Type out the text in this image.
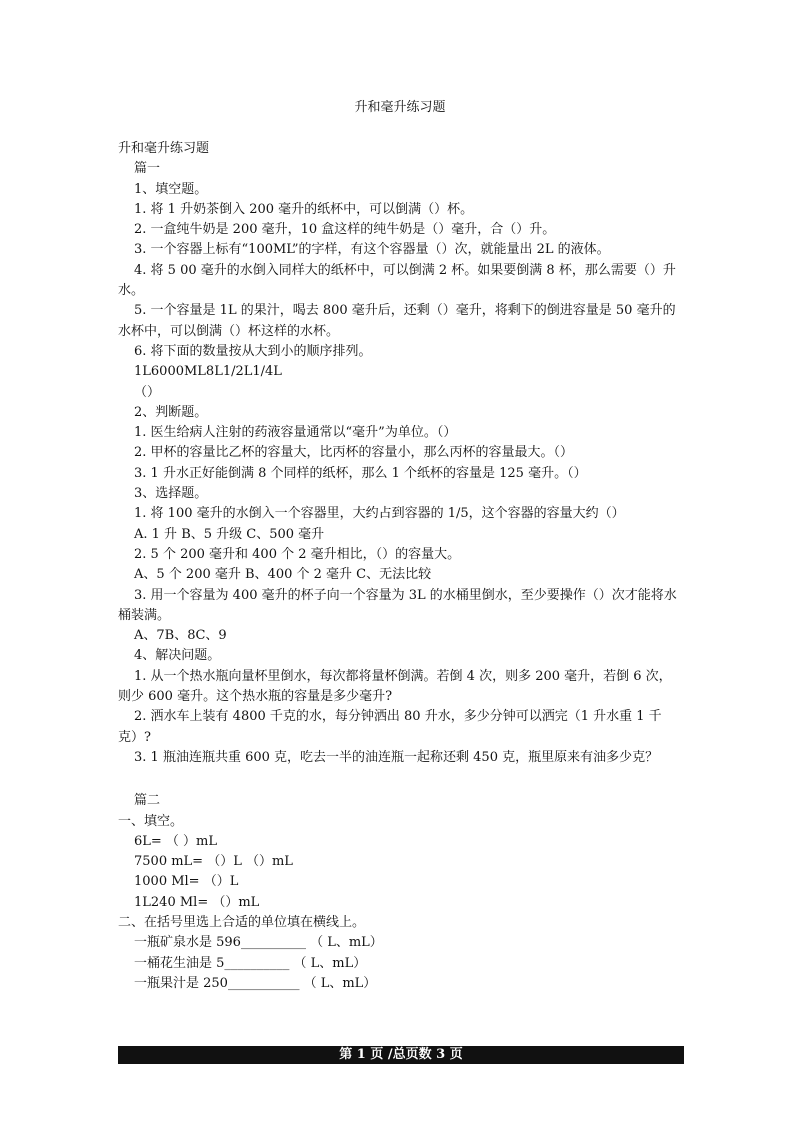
升和毫升练习题
升和毫升练习题
篇一
1、填空题。
1. 将 1 升奶茶倒入 200 毫升的纸杯中，可以倒满（）杯。
2. 一盒纯牛奶是 200 毫升，10 盒这样的纯牛奶是（）毫升，合（）升。
3. 一个容器上标有“100ML”的字样，有这个容器量（）次，就能量出 2L 的液体。
4. 将 5 00 毫升的水倒入同样大的纸杯中，可以倒满 2 杯。如果要倒满 8 杯，那么需要（）升水。
5. 一个容量是 1L 的果汁，喝去 800 毫升后，还剩（）毫升，将剩下的倒进容量是 50 毫升的水杯中，可以倒满（）杯这样的水杯。
6. 将下面的数量按从大到小的顺序排列。
1L6000ML8L1/2L1/4L
（）
2、判断题。
1. 医生给病人注射的药液容量通常以“毫升”为单位。（）
2. 甲杯的容量比乙杯的容量大，比丙杯的容量小，那么丙杯的容量最大。（）
3. 1 升水正好能倒满 8 个同样的纸杯，那么 1 个纸杯的容量是 125 毫升。（）
3、选择题。
1. 将 100 毫升的水倒入一个容器里，大约占到容器的 1/5，这个容器的容量大约（）
A. 1 升 B、5 升级 C、500 毫升
2. 5 个 200 毫升和 400 个 2 毫升相比，（）的容量大。
A、5 个 200 毫升 B、400 个 2 毫升 C、无法比较
3. 用一个容量为 400 毫升的杯子向一个容量为 3L 的水桶里倒水，至少要操作（）次才能将水桶装满。
A、7B、8C、9
4、解决问题。
1. 从一个热水瓶向量杯里倒水，每次都将量杯倒满。若倒 4 次，则多 200 毫升，若倒 6 次，则少 600 毫升。这个热水瓶的容量是多少毫升?
2. 洒水车上装有 4800 千克的水，每分钟洒出 80 升水，多少分钟可以洒完（1 升水重 1 千克）?
3. 1 瓶油连瓶共重 600 克，吃去一半的油连瓶一起称还剩 450 克，瓶里原来有油多少克？
篇二
一、填空。
6L= （ ）mL
7500 mL= （）L （）mL
1000 Ml= （）L
1L240 Ml= （）mL
二、在括号里选上合适的单位填在横线上。
一瓶矿泉水是 596__________ （ L、mL）
一桶花生油是 5__________ （ L、mL）
一瓶果汁是 250___________ （ L、mL）
第 1 页 /总页数 3 页
